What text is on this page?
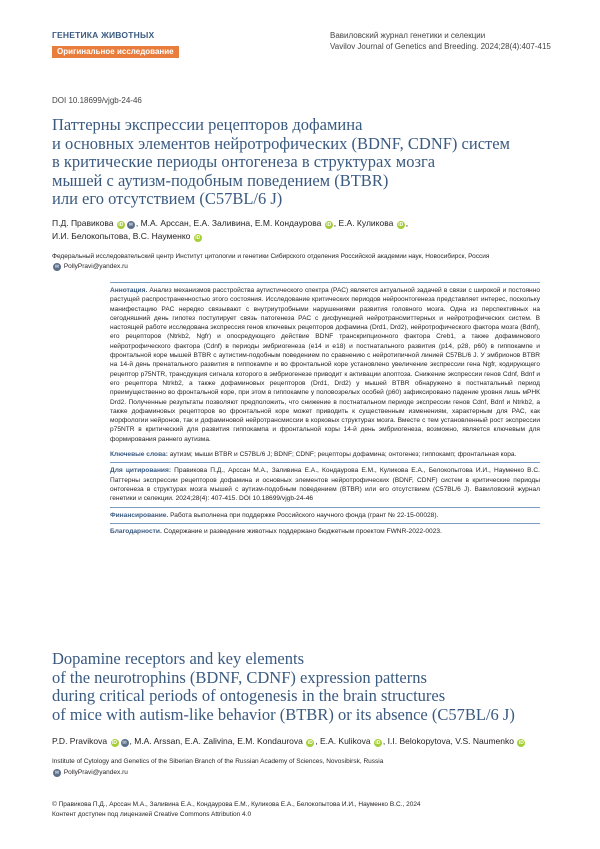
ГЕНЕТИКА ЖИВОТНЫХ
Оригинальное исследование
Вавиловский журнал генетики и селекции
Vavilov Journal of Genetics and Breeding. 2024;28(4):407-415
DOI 10.18699/vjgb-24-46
Паттерны экспрессии рецепторов дофамина
и основных элементов нейротрофических (BDNF, CDNF) систем
в критические периоды онтогенеза в структурах мозга
мышей с аутизм-подобным поведением (BTBR)
или его отсутствием (C57BL/6 J)
П.Д. Правикова iD ✉ , М.А. Арссан, Е.А. Заливина, Е.М. Кондаурова iD , Е.А. Куликова iD ,
И.И. Белокопытова, В.С. Науменко iD
Федеральный исследовательский центр Институт цитологии и генетики Сибирского отделения Российской академии наук, Новосибирск, Россия
✉ PollyPravi@yandex.ru
Аннотация. Анализ механизмов расстройства аутистического спектра (РАС) является актуальной задачей в связи с широкой и постоянно растущей распространенностью этого состояния. Исследование критических периодов нейроонтогенеза представляет интерес, поскольку манифестацию РАС нередко связывают с внутриутробными нарушениями развития головного мозга. Одна из перспективных на сегодняшний день гипотез постулирует связь патогенеза РАС с дисфункцией нейротрансмиттерных и нейротрофических систем. В настоящей работе исследована экспрессия генов ключевых рецепторов дофамина (Drd1, Drd2), нейротрофического фактора мозга (Bdnf), его рецепторов (Ntrkb2, Ngfr) и опосредующего действие BDNF транскрипционного фактора Creb1, а также дофаминового нейротрофического фактора (Cdnf) в периоды эмбриогенеза (e14 и e18) и постнатального развития (p14, p28, p60) в гиппокампе и фронтальной коре мышей BTBR с аутистим-подобным поведением по сравнению с нейротипичной линией C57BL/6 J. У эмбрионов BTBR на 14-й день пренатального развития в гиппокампе и во фронтальной коре установлено увеличение экспрессии гена Ngfr, кодирующего рецептор p75NTR, трансдукция сигнала которого в эмбриогенезе приводит к активации апоптоза. Снижение экспрессии генов Cdnf, Bdnf и его рецептора Ntrkb2, а также дофаминовых рецепторов (Drd1, Drd2) у мышей BTBR обнаружено в постнатальный период преимущественно во фронтальной коре, при этом в гиппокампе у половозрелых особей (p60) зафиксировано падение уровня лишь мРНК Drd2. Полученные результаты позволяют предположить, что снижение в постнатальном периоде экспрессии генов Cdnf, Bdnf и Ntrkb2, а также дофаминовых рецепторов во фронтальной коре может приводить к существенным изменениям, характерным для РАС, как морфологии нейронов, так и дофаминовой нейротрансмиссии в корковых структурах мозга. Вместе с тем установленный рост экспрессии p75NTR в критический для развития гиппокампа и фронтальной коры 14-й день эмбриогенеза, возможно, является ключевым для формирования раннего аутизма.
Ключевые слова: аутизм; мыши BTBR и C57BL/6 J; BDNF; CDNF; рецепторы дофамина; онтогенез; гиппокамп; фронтальная кора.
Для цитирования: Правикова П.Д., Арссан М.А., Заливина Е.А., Кондаурова Е.М., Куликова Е.А., Белокопытова И.И., Науменко В.С. Паттерны экспрессии рецепторов дофамина и основных элементов нейротрофических (BDNF, CDNF) систем в критические периоды онтогенеза в структурах мозга мышей с аутизм-подобным поведением (BTBR) или его отсутствием (C57BL/6 J). Вавиловский журнал генетики и селекции. 2024;28(4): 407-415. DOI 10.18699/vjgb-24-46
Финансирование. Работа выполнена при поддержке Российского научного фонда (грант № 22-15-00028).
Благодарности. Содержание и разведение животных поддержано бюджетным проектом FWNR-2022-0023.
Dopamine receptors and key elements
of the neurotrophins (BDNF, CDNF) expression patterns
during critical periods of ontogenesis in the brain structures
of mice with autism-like behavior (BTBR) or its absence (C57BL/6 J)
P.D. Pravikova iD ✉ , M.A. Arssan, E.A. Zalivina, E.M. Kondaurova iD , E.A. Kulikova iD , I.I. Belokopytova, V.S. Naumenko iD
Institute of Cytology and Genetics of the Siberian Branch of the Russian Academy of Sciences, Novosibirsk, Russia
✉ PollyPravi@yandex.ru
© Правикова П.Д., Арссан М.А., Заливина Е.А., Кондаурова Е.М., Куликова Е.А., Белокопытова И.И., Науменко В.С., 2024
Контент доступен под лицензией Creative Commons Attribution 4.0
